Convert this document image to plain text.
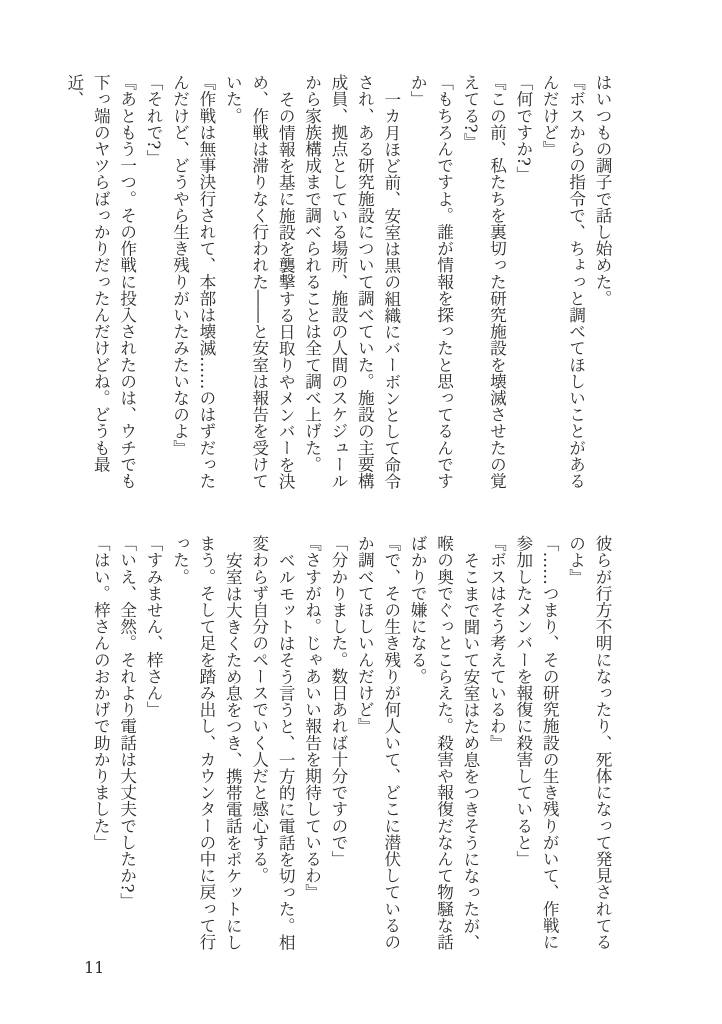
はいつもの調子で話し始めた。

『ボスからの指令で、ちょっと調べてほしいことがあるんだけど』

「何ですか?」

『この前、私たちを裏切った研究施設を壊滅させたの覚えてる?』

「もちろんですよ。誰が情報を探ったと思ってるんですか」

一カ月ほど前、安室は黒の組織にバーボンとして命令され、ある研究施設について調べていた。施設の主要構成員、拠点としている場所、施設の人間のスケジュールから家族構成まで調べられることは全て調べ上げた。

その情報を基に施設を襲撃する日取りやメンバーを決め、作戦は滞りなく行われた――と安室は報告を受けていた。

『作戦は無事決行されて、本部は壊滅……のはずだったんだけど、どうやら生き残りがいたみたいなのよ』

「それで?」

『あともう一つ。その作戦に投入されたのは、ウチでも下っ端のヤツらばっかりだったんだけどね。どうも最近、

彼らが行方不明になったり、死体になって発見されてるのよ』

「……つまり、その研究施設の生き残りがいて、作戦に参加したメンバーを報復に殺害していると」

『ボスはそう考えているわ』

そこまで聞いて安室はため息をつきそうになったが、喉の奥でぐっとこらえた。殺害や報復だなんて物騒な話ばかりで嫌になる。

『で、その生き残りが何人いて、どこに潜伏しているのか調べてほしいんだけど』

「分かりました。数日あれば十分ですので」

『さすがね。じゃあいい報告を期待しているわ』

ベルモットはそう言うと、一方的に電話を切った。相変わらず自分のペースでいく人だと感心する。

安室は大きくため息をつき、携帯電話をポケットにしまう。そして足を踏み出し、カウンターの中に戻って行った。

「すみません、梓さん」

「いえ、全然。それより電話は大丈夫でしたか?」

「はい。梓さんのおかげで助かりました」

11
